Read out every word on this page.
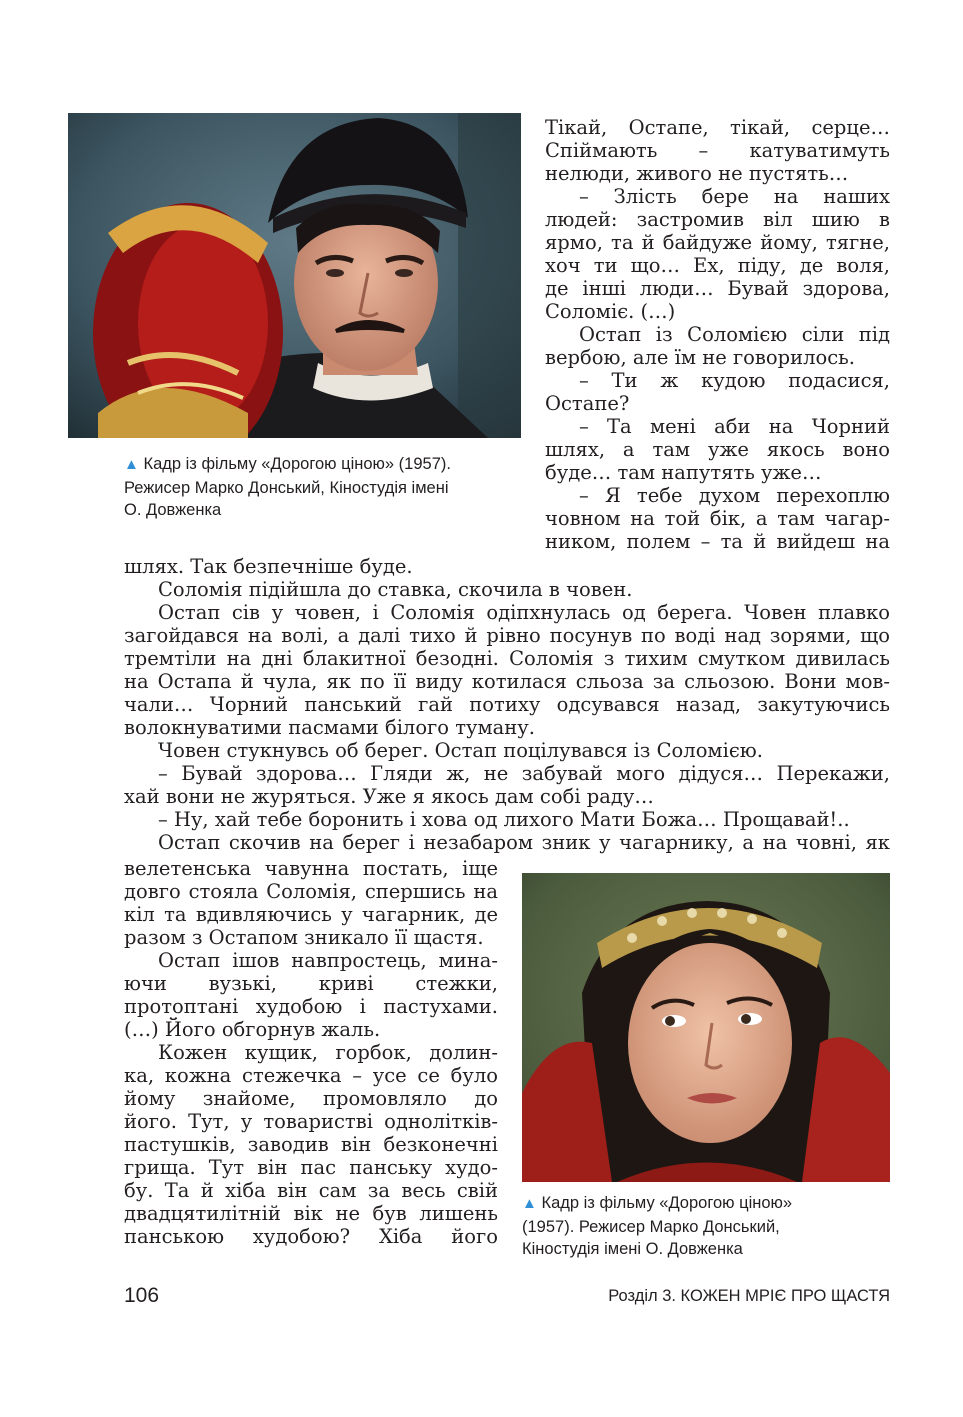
▲ Кадр із фільму «Дорогою ціною» (1957).
Режисер Марко Донський, Кіностудія імені
О. Довженка

Тікай, Остапе, тікай, серце…

Спіймають – катуватимуть

нелюди, живого не пустять…

– Злість бере на наших

людей: застромив віл шию в

ярмо, та й байдуже йому, тягне,

хоч ти що… Ех, піду, де воля,

де інші люди… Бувай здорова,

Соломіє. (…)

Остап із Соломією сіли під

вербою, але їм не говорилось.

– Ти ж кудою подасися,

Остапе?

– Та мені аби на Чорний

шлях, а там уже якось воно

буде… там напутять уже…

– Я тебе духом перехоплю

човном на той бік, а там чагар-

ником, полем – та й вийдеш на

шлях. Так безпечніше буде.

Соломія підійшла до ставка, скочила в човен.

Остап сів у човен, і Соломія одіпхнулась од берега. Човен плавко

загойдався на волі, а далі тихо й рівно посунув по воді над зорями, що

тремтіли на дні блакитної безодні. Соломія з тихим смутком дивилась

на Остапа й чула, як по її виду котилася сльоза за сльозою. Вони мов-

чали… Чорний панський гай потиху одсувався назад, закутуючись

волокнуватими пасмами білого туману.

Човен стукнувсь об берег. Остап поцілувався із Соломією.

– Бувай здорова… Гляди ж, не забувай мого дідуся… Перекажи,

хай вони не журяться. Уже я якось дам собі раду…

– Ну, хай тебе боронить і хова од лихого Мати Божа… Прощавай!..

Остап скочив на берег і незабаром зник у чагарнику, а на човні, як

велетенська чавунна постать, іще

довго стояла Соломія, спершись на

кіл та вдивляючись у чагарник, де

разом з Остапом зникало її щастя.

Остап ішов навпростець, мина-

ючи вузькі, криві стежки,

протоптані худобою і пастухами.

(…) Його обгорнув жаль.

Кожен кущик, горбок, долин-

ка, кожна стежечка – усе се було

йому знайоме, промовляло до

його. Тут, у товаристві однолітків-

пастушків, заводив він безконечні

грища. Тут він пас панську худо-

бу. Та й хіба він сам за весь свій

двадцятилітній вік не був лишень

панською худобою? Хіба його

▲ Кадр із фільму «Дорогою ціною»
(1957). Режисер Марко Донський,
Кіностудія імені О. Довженка

106	Розділ 3. КОЖЕН МРІЄ ПРО ЩАСТЯ
